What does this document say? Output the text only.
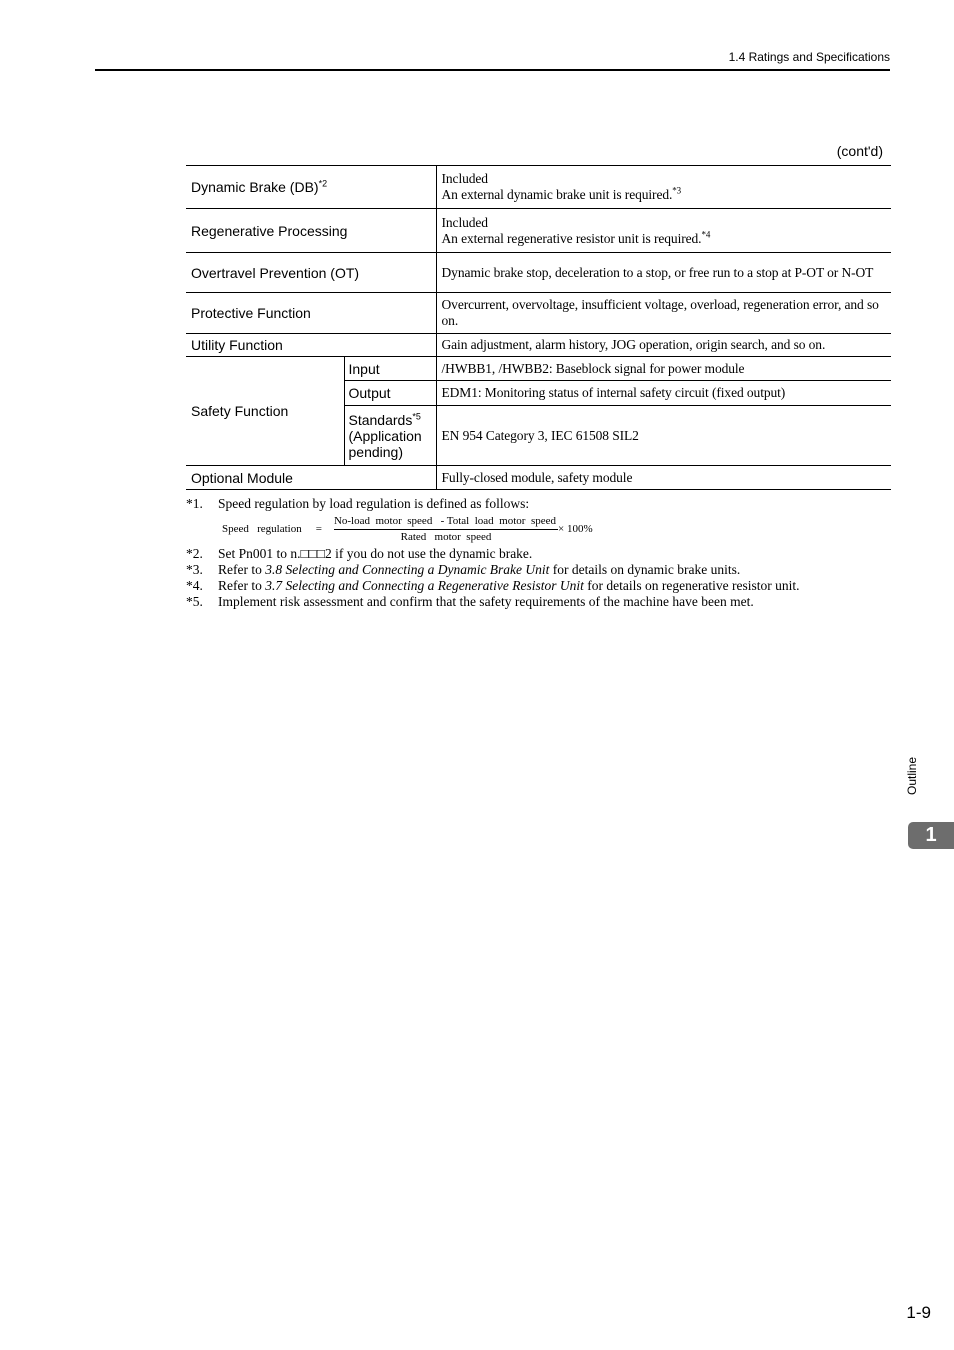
1.4 Ratings and Specifications
(cont'd)
Dynamic Brake (DB)$^{*2}$		Included
An external dynamic brake unit is required.$^{*3}$

Regenerative Processing		Included
An external regenerative resistor unit is required.$^{*4}$

Overtravel Prevention (OT)		Dynamic brake stop, deceleration to a stop, or free run to a stop at P-OT or N-OT
Protective Function		Overcurrent, overvoltage, insufficient voltage, overload, regeneration error, and so on.
Utility Function		Gain adjustment, alarm history, JOG operation, origin search, and so on.
Safety Function	Input	/HWBB1, /HWBB2: Baseblock signal for power module
	Output	EDM1: Monitoring status of internal safety circuit (fixed output)
	Standards$^{*5}$
(Application pending)	EN 954 Category 3, IEC 61508 SIL2
Optional Module		Fully-closed module, safety module
*1.	Speed regulation by load regulation is defined as follows:
Speed   regulation = $\frac{\text{No-load  motor  speed   - Total  load  motor  speed}}{\text{Rated   motor  speed}} \times 100\%$
*2.	Set Pn001 to n.□□□2 if you do not use the dynamic brake.
*3.	Refer to 3.8 Selecting and Connecting a Dynamic Brake Unit for details on dynamic brake units.
*4.	Refer to 3.7 Selecting and Connecting a Regenerative Resistor Unit for details on regenerative resistor unit.
*5.	Implement risk assessment and confirm that the safety requirements of the machine have been met.
Outline
1
1-9
